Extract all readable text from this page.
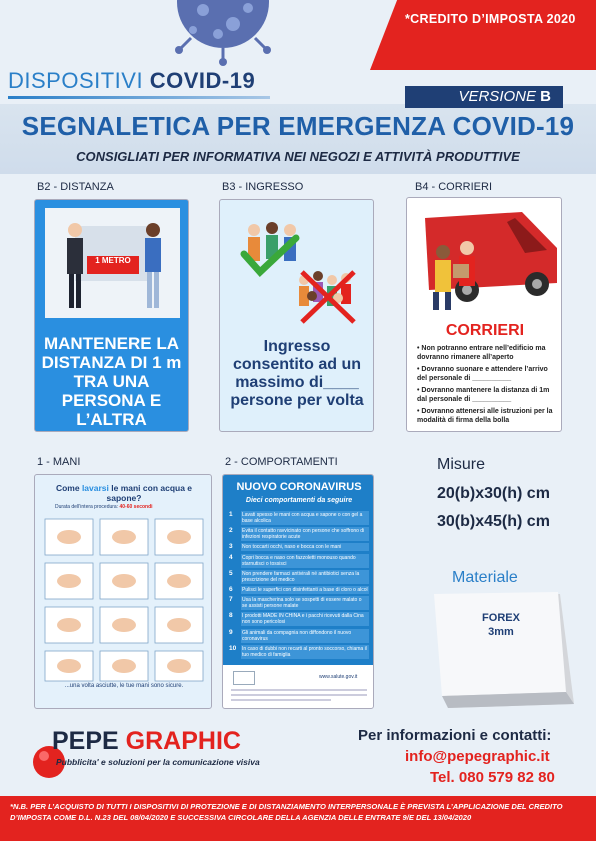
*CREDITO D’IMPOSTA 2020
DISPOSITIVI COVID-19
VERSIONE B
SEGNALETICA PER EMERGENZA COVID-19
CONSIGLIATI PER INFORMATIVA NEI NEGOZI E ATTIVITÀ PRODUTTIVE
B2 - DISTANZA	B3 - INGRESSO	B4 - CORRIERI
1 METRO
MANTENERE LA DISTANZA DI 1 m TRA UNA PERSONA E L’ALTRA
Ingresso consentito ad un massimo di____ persone per volta
CORRIERI
• Non potranno entrare nell’edificio ma dovranno rimanere all’aperto
• Dovranno suonare e attendere l’arrivo del personale di __________
• Dovranno mantenere la distanza di 1m dal personale di __________
• Dovranno attenersi alle istruzioni per la modalità di firma della bolla
1 - MANI	2 - COMPORTAMENTI
Come lavarsi le mani con acqua e sapone?
Durata dell’intera procedura: 40-60 secondi
...una volta asciutte, le tue mani sono sicure.
NUOVO CORONAVIRUS
Dieci comportamenti da seguire
1	Lavati spesso le mani con acqua e sapone o con gel a base alcolica
2	Evita il contatto ravvicinato con persone che soffrono di infezioni respiratorie acute
3	Non toccarti occhi, naso e bocca con le mani
4	Copri bocca e naso con fazzoletti monouso quando starnutisci o tossisci
5	Non prendere farmaci antivirali né antibiotici senza la prescrizione del medico
6	Pulisci le superfici con disinfettanti a base di cloro o alcol
7	Usa la mascherina solo se sospetti di essere malato o se assisti persone malate
8	I prodotti MADE IN CHINA e i pacchi ricevuti dalla Cina non sono pericolosi
9	Gli animali da compagnia non diffondono il nuovo coronavirus
10	In caso di dubbi non recarti al pronto soccorso, chiama il tuo medico di famiglia
www.salute.gov.it
Misure
20(b)x30(h) cm
30(b)x45(h) cm
Materiale
FOREX
3mm
PEPE GRAPHIC
Pubblicita' e soluzioni per la comunicazione visiva
Per informazioni e contatti:
info@pepegraphic.it
Tel. 080 579 82 80
*N.B. PER L’ACQUISTO DI TUTTI I DISPOSITIVI DI PROTEZIONE E DI DISTANZIAMENTO INTERPERSONALE È PREVISTA L’APPLICAZIONE DEL CREDITO D’IMPOSTA COME D.L. N.23 DEL 08/04/2020 E SUCCESSIVA CIRCOLARE DELLA AGENZIA DELLE ENTRATE 9/E DEL 13/04/2020
